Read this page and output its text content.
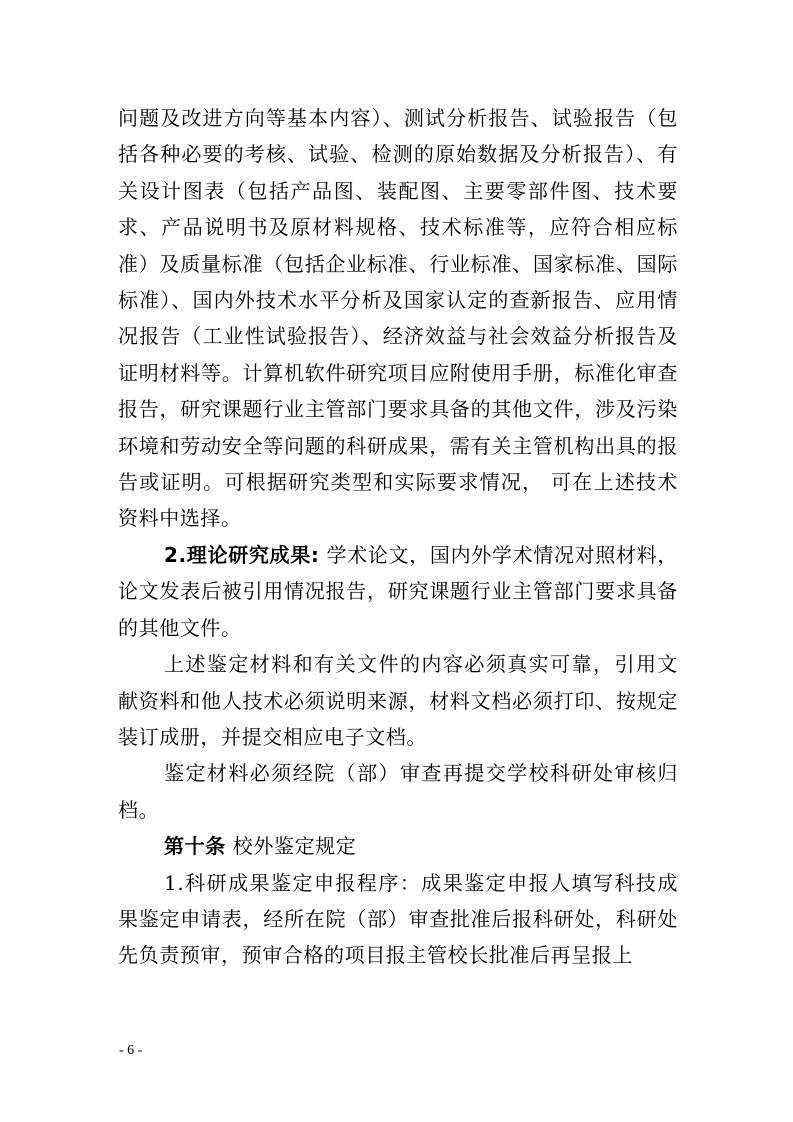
问题及改进方向等基本内容）、测试分析报告、试验报告（包括各种必要的考核、试验、检测的原始数据及分析报告）、有关设计图表（包括产品图、装配图、主要零部件图、技术要求、产品说明书及原材料规格、技术标准等，应符合相应标准）及质量标准（包括企业标准、行业标准、国家标准、国际标准）、国内外技术水平分析及国家认定的查新报告、应用情况报告（工业性试验报告）、经济效益与社会效益分析报告及证明材料等。计算机软件研究项目应附使用手册，标准化审查报告，研究课题行业主管部门要求具备的其他文件，涉及污染环境和劳动安全等问题的科研成果，需有关主管机构出具的报告或证明。可根据研究类型和实际要求情况， 可在上述技术资料中选择。

2.理论研究成果: 学术论文，国内外学术情况对照材料，论文发表后被引用情况报告，研究课题行业主管部门要求具备的其他文件。

上述鉴定材料和有关文件的内容必须真实可靠，引用文献资料和他人技术必须说明来源，材料文档必须打印、按规定装订成册，并提交相应电子文档。

鉴定材料必须经院（部）审查再提交学校科研处审核归档。

第十条 校外鉴定规定

1.科研成果鉴定申报程序：成果鉴定申报人填写科技成果鉴定申请表，经所在院（部）审查批准后报科研处，科研处先负责预审，预审合格的项目报主管校长批准后再呈报上

- 6 -
